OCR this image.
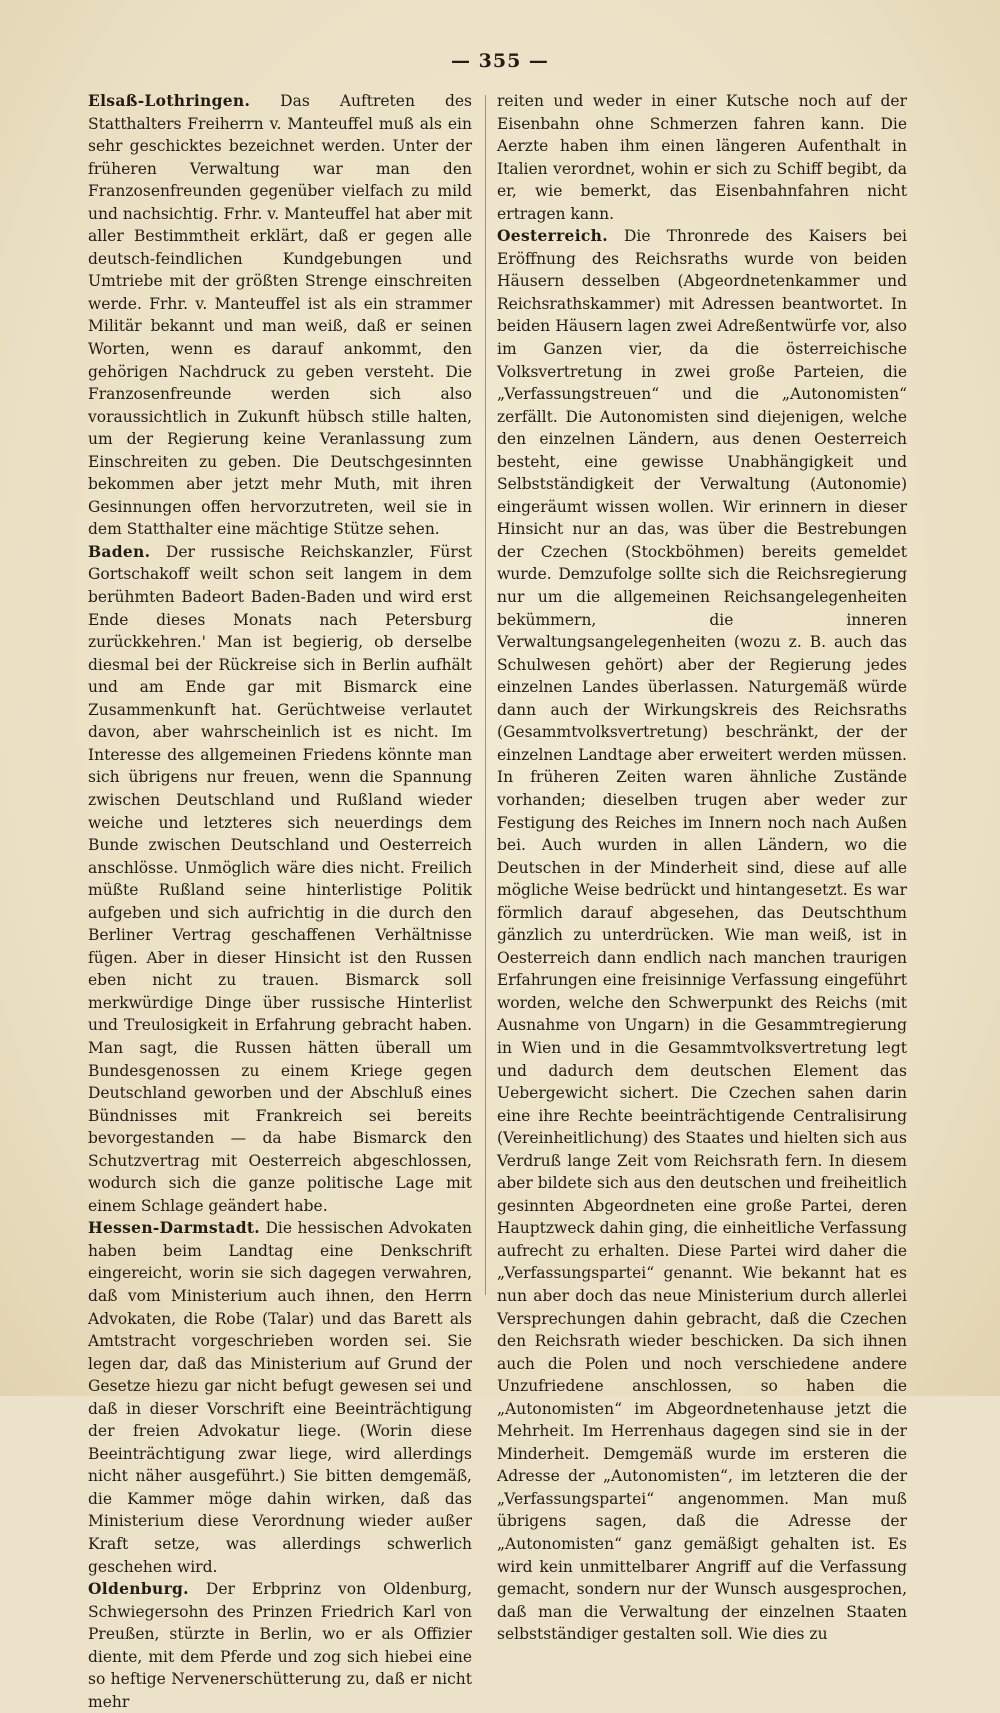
— 355 —

Elsaß-Lothringen. Das Auftreten des Statthalters Freiherrn v. Manteuffel muß als ein sehr geschicktes bezeichnet werden. Unter der früheren Verwaltung war man den Franzosenfreunden gegenüber vielfach zu mild und nachsichtig. Frhr. v. Manteuffel hat aber mit aller Bestimmtheit erklärt, daß er gegen alle deutsch-feindlichen Kundgebungen und Umtriebe mit der größten Strenge einschreiten werde. Frhr. v. Manteuffel ist als ein strammer Militär bekannt und man weiß, daß er seinen Worten, wenn es darauf ankommt, den gehörigen Nachdruck zu geben versteht. Die Franzosenfreunde werden sich also voraussichtlich in Zukunft hübsch stille halten, um der Regierung keine Veranlassung zum Einschreiten zu geben. Die Deutschgesinnten bekommen aber jetzt mehr Muth, mit ihren Gesinnungen offen hervorzutreten, weil sie in dem Statthalter eine mächtige Stütze sehen.

Baden. Der russische Reichskanzler, Fürst Gortschakoff weilt schon seit langem in dem berühmten Badeort Baden-Baden und wird erst Ende dieses Monats nach Petersburg zurückkehren.' Man ist begierig, ob derselbe diesmal bei der Rückreise sich in Berlin aufhält und am Ende gar mit Bismarck eine Zusammenkunft hat. Gerüchtweise verlautet davon, aber wahrscheinlich ist es nicht. Im Interesse des allgemeinen Friedens könnte man sich übrigens nur freuen, wenn die Spannung zwischen Deutschland und Rußland wieder weiche und letzteres sich neuerdings dem Bunde zwischen Deutschland und Oesterreich anschlösse. Unmöglich wäre dies nicht. Freilich müßte Rußland seine hinterlistige Politik aufgeben und sich aufrichtig in die durch den Berliner Vertrag geschaffenen Verhältnisse fügen. Aber in dieser Hinsicht ist den Russen eben nicht zu trauen. Bismarck soll merkwürdige Dinge über russische Hinterlist und Treulosigkeit in Erfahrung gebracht haben. Man sagt, die Russen hätten überall um Bundesgenossen zu einem Kriege gegen Deutschland geworben und der Abschluß eines Bündnisses mit Frankreich sei bereits bevorgestanden — da habe Bismarck den Schutzvertrag mit Oesterreich abgeschlossen, wodurch sich die ganze politische Lage mit einem Schlage geändert habe.

Hessen-Darmstadt. Die hessischen Advokaten haben beim Landtag eine Denkschrift eingereicht, worin sie sich dagegen verwahren, daß vom Ministerium auch ihnen, den Herrn Advokaten, die Robe (Talar) und das Barett als Amtstracht vorgeschrieben worden sei. Sie legen dar, daß das Ministerium auf Grund der Gesetze hiezu gar nicht befugt gewesen sei und daß in dieser Vorschrift eine Beeinträchtigung der freien Advokatur liege. (Worin diese Beeinträchtigung zwar liege, wird allerdings nicht näher ausgeführt.) Sie bitten demgemäß, die Kammer möge dahin wirken, daß das Ministerium diese Verordnung wieder außer Kraft setze, was allerdings schwerlich geschehen wird.

Oldenburg. Der Erbprinz von Oldenburg, Schwiegersohn des Prinzen Friedrich Karl von Preußen, stürzte in Berlin, wo er als Offizier diente, mit dem Pferde und zog sich hiebei eine so heftige Nervenerschütterung zu, daß er nicht mehr

reiten und weder in einer Kutsche noch auf der Eisenbahn ohne Schmerzen fahren kann. Die Aerzte haben ihm einen längeren Aufenthalt in Italien verordnet, wohin er sich zu Schiff begibt, da er, wie bemerkt, das Eisenbahnfahren nicht ertragen kann.

Oesterreich. Die Thronrede des Kaisers bei Eröffnung des Reichsraths wurde von beiden Häusern desselben (Abgeordnetenkammer und Reichsrathskammer) mit Adressen beantwortet. In beiden Häusern lagen zwei Adreßentwürfe vor, also im Ganzen vier, da die österreichische Volksvertretung in zwei große Parteien, die „Verfassungstreuen“ und die „Autonomisten“ zerfällt. Die Autonomisten sind diejenigen, welche den einzelnen Ländern, aus denen Oesterreich besteht, eine gewisse Unabhängigkeit und Selbstständigkeit der Verwaltung (Autonomie) eingeräumt wissen wollen. Wir erinnern in dieser Hinsicht nur an das, was über die Bestrebungen der Czechen (Stockböhmen) bereits gemeldet wurde. Demzufolge sollte sich die Reichsregierung nur um die allgemeinen Reichsangelegenheiten bekümmern, die inneren Verwaltungsangelegenheiten (wozu z. B. auch das Schulwesen gehört) aber der Regierung jedes einzelnen Landes überlassen. Naturgemäß würde dann auch der Wirkungskreis des Reichsraths (Gesammtvolksvertretung) beschränkt, der der einzelnen Landtage aber erweitert werden müssen. In früheren Zeiten waren ähnliche Zustände vorhanden; dieselben trugen aber weder zur Festigung des Reiches im Innern noch nach Außen bei. Auch wurden in allen Ländern, wo die Deutschen in der Minderheit sind, diese auf alle mögliche Weise bedrückt und hintangesetzt. Es war förmlich darauf abgesehen, das Deutschthum gänzlich zu unterdrücken. Wie man weiß, ist in Oesterreich dann endlich nach manchen traurigen Erfahrungen eine freisinnige Verfassung eingeführt worden, welche den Schwerpunkt des Reichs (mit Ausnahme von Ungarn) in die Gesammtregierung in Wien und in die Gesammtvolksvertretung legt und dadurch dem deutschen Element das Uebergewicht sichert. Die Czechen sahen darin eine ihre Rechte beeinträchtigende Centralisirung (Vereinheitlichung) des Staates und hielten sich aus Verdruß lange Zeit vom Reichsrath fern. In diesem aber bildete sich aus den deutschen und freiheitlich gesinnten Abgeordneten eine große Partei, deren Hauptzweck dahin ging, die einheitliche Verfassung aufrecht zu erhalten. Diese Partei wird daher die „Verfassungspartei“ genannt. Wie bekannt hat es nun aber doch das neue Ministerium durch allerlei Versprechungen dahin gebracht, daß die Czechen den Reichsrath wieder beschicken. Da sich ihnen auch die Polen und noch verschiedene andere Unzufriedene anschlossen, so haben die „Autonomisten“ im Abgeordnetenhause jetzt die Mehrheit. Im Herrenhaus dagegen sind sie in der Minderheit. Demgemäß wurde im ersteren die Adresse der „Autonomisten“, im letzteren die der „Verfassungspartei“ angenommen. Man muß übrigens sagen, daß die Adresse der „Autonomisten“ ganz gemäßigt gehalten ist. Es wird kein unmittelbarer Angriff auf die Verfassung gemacht, sondern nur der Wunsch ausgesprochen, daß man die Verwaltung der einzelnen Staaten selbstständiger gestalten soll. Wie dies zu
